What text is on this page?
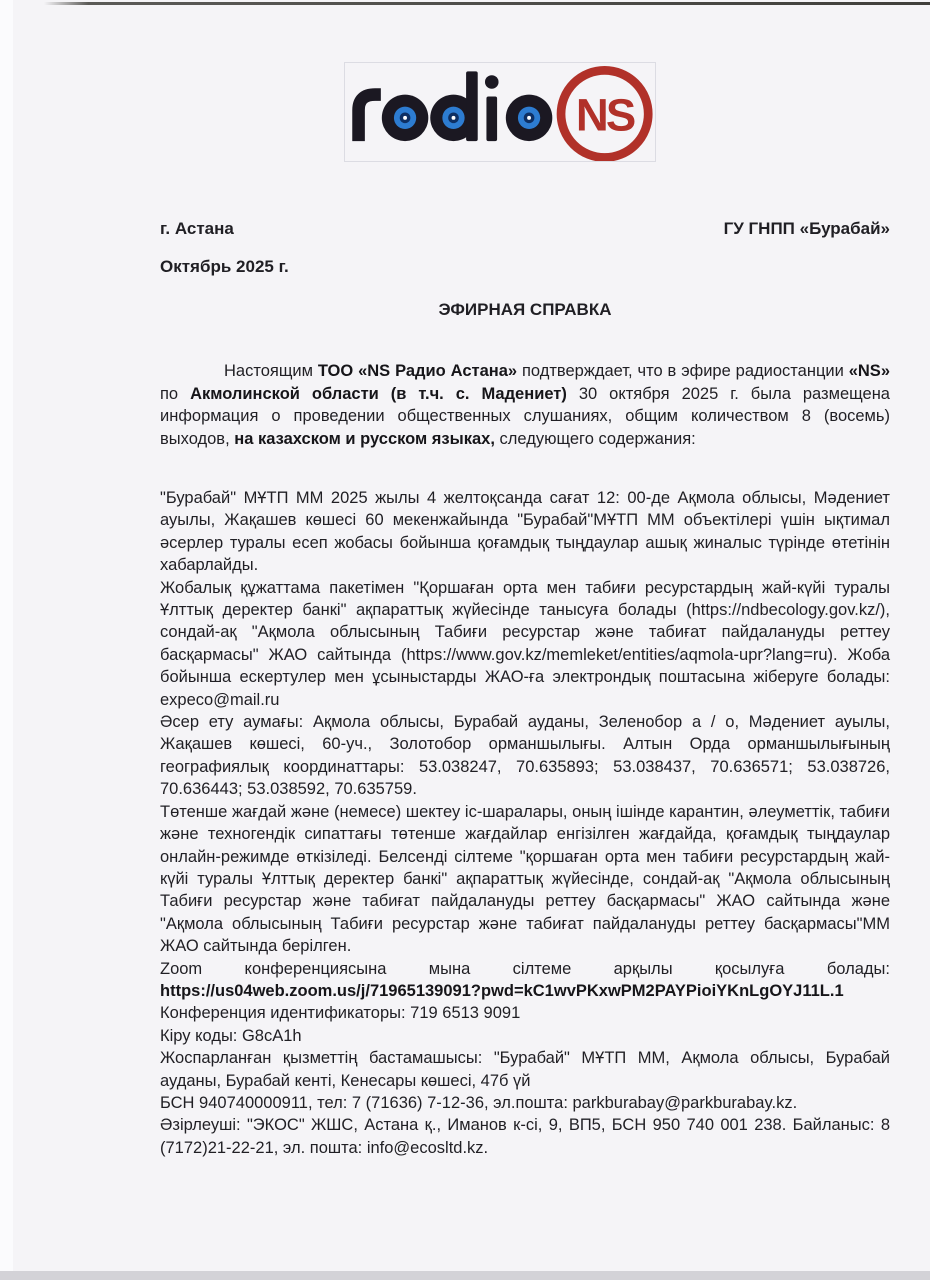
NS
г. Астана	ГУ ГНПП «Бурабай»
Октябрь 2025 г.
ЭФИРНАЯ СПРАВКА

Настоящим ТОО «NS Радио Астана» подтверждает, что в эфире радиостанции «NS» по Акмолинской области (в т.ч. с. Мадениет) 30 октября 2025 г. была размещена информация о проведении общественных слушаниях, общим количеством 8 (восемь) выходов, на казахском и русском языках, следующего содержания:

"Бурабай" МҰТП ММ 2025 жылы 4 желтоқсанда сағат 12: 00-де Ақмола облысы, Мәдениет ауылы, Жақашев көшесі 60 мекенжайында "Бурабай"МҰТП ММ объектілері үшін ықтимал әсерлер туралы есеп жобасы бойынша қоғамдық тыңдаулар ашық жиналыс түрінде өтетінін хабарлайды.

Жобалық құжаттама пакетімен "Қоршаған орта мен табиғи ресурстардың жай-күйі туралы Ұлттық деректер банкі" ақпараттық жүйесінде танысуға болады (https://ndbecology.gov.kz/), сондай-ақ "Ақмола облысының Табиғи ресурстар және табиғат пайдалануды реттеу басқармасы" ЖАО сайтында (https://www.gov.kz/memleket/entities/aqmola-upr?lang=ru). Жоба бойынша ескертулер мен ұсыныстарды ЖАО-ға электрондық поштасына жіберуге болады: expeco@mail.ru

Әсер ету аумағы: Ақмола облысы, Бурабай ауданы, Зеленобор а / о, Мәдениет ауылы, Жақашев көшесі, 60-уч., Золотобор орманшылығы. Алтын Орда орманшылығының географиялық координаттары: 53.038247, 70.635893; 53.038437, 70.636571; 53.038726, 70.636443; 53.038592, 70.635759.

Төтенше жағдай және (немесе) шектеу іс-шаралары, оның ішінде карантин, әлеуметтік, табиғи және техногендік сипаттағы төтенше жағдайлар енгізілген жағдайда, қоғамдық тыңдаулар онлайн-режимде өткізіледі. Белсенді сілтеме "қоршаған орта мен табиғи ресурстардың жай-күйі туралы Ұлттық деректер банкі" ақпараттық жүйесінде, сондай-ақ "Ақмола облысының Табиғи ресурстар және табиғат пайдалануды реттеу басқармасы" ЖАО сайтында және "Ақмола облысының Табиғи ресурстар және табиғат пайдалануды реттеу басқармасы"ММ ЖАО сайтында берілген.

Zoom конференциясына мына сілтеме арқылы қосылуға болады: https://us04web.zoom.us/j/71965139091?pwd=kC1wvPKxwPM2PAYPioiYKnLgOYJ11L.1

Конференция идентификаторы: 719 6513 9091

Кіру коды: G8cA1h

Жоспарланған қызметтің бастамашысы: "Бурабай" МҰТП ММ, Ақмола облысы, Бурабай ауданы, Бурабай кенті, Кенесары көшесі, 47б үй

БСН 940740000911, тел: 7 (71636) 7-12-36, эл.пошта: parkburabay@parkburabay.kz.

Әзірлеуші: "ЭКОС" ЖШС, Астана қ., Иманов к-сі, 9, ВП5, БСН 950 740 001 238. Байланыс: 8 (7172)21-22-21, эл. пошта: info@ecosltd.kz.
